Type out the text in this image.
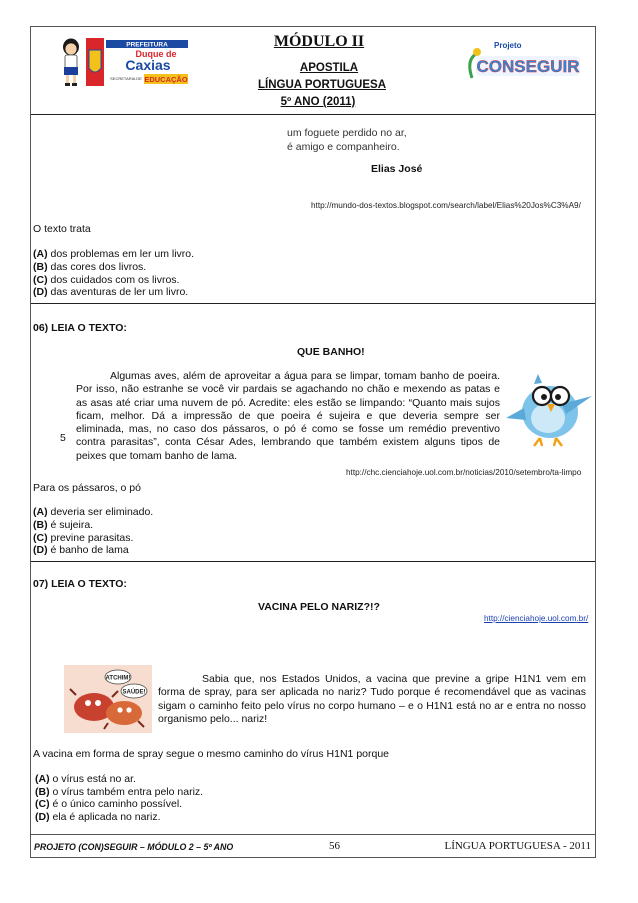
PREFEITURA
Duque de
Caxias
SECRETARIA DE EDUCAÇÃO
MÓDULO II
APOSTILA
LÍNGUA PORTUGUESA
5º ANO (2011)
Projeto
CONSEGUIR
um foguete perdido no ar,
é amigo e companheiro.
Elias José
http://mundo-dos-textos.blogspot.com/search/label/Elias%20Jos%C3%A9/
O texto trata
(A) dos problemas em ler um livro.
(B) das cores dos livros.
(C) dos cuidados com os livros.
(D) das aventuras de ler um livro.
06) LEIA O TEXTO:
QUE BANHO!
Algumas aves, além de aproveitar a água para se limpar, tomam banho de poeira. Por isso, não estranhe se você vir pardais se agachando no chão e mexendo as patas e as asas até criar uma nuvem de pó. Acredite: eles estão se limpando: “Quanto mais sujos ficam, melhor. Dá a impressão de que poeira é sujeira e que deveria sempre ser eliminada, mas, no caso dos pássaros, o pó é como se fosse um remédio preventivo contra parasitas”, conta César Ades, lembrando que também existem alguns tipos de peixes que tomam banho de lama.
5
http://chc.cienciahoje.uol.com.br/noticias/2010/setembro/ta-limpo
Para os pássaros, o pó
(A) deveria ser eliminado.
(B) é sujeira.
(C) previne parasitas.
(D) é banho de lama
07) LEIA O TEXTO:
VACINA PELO NARIZ?!?
http://cienciahoje.uol.com.br/
ATCHIM!
SAÚDE!
Sabia que, nos Estados Unidos, a vacina que previne a gripe H1N1 vem em forma de spray, para ser aplicada no nariz? Tudo porque é recomendável que as vacinas sigam o caminho feito pelo vírus no corpo humano – e o H1N1 está no ar e entra no nosso organismo pelo... nariz!
A vacina em forma de spray segue o mesmo caminho do vírus H1N1 porque
(A) o vírus está no ar.
(B) o vírus também entra pelo nariz.
(C) é o único caminho possível.
(D) ela é aplicada no nariz.
PROJETO (CON)SEGUIR – MÓDULO 2 – 5º ANO	56	LÍNGUA PORTUGUESA - 2011
